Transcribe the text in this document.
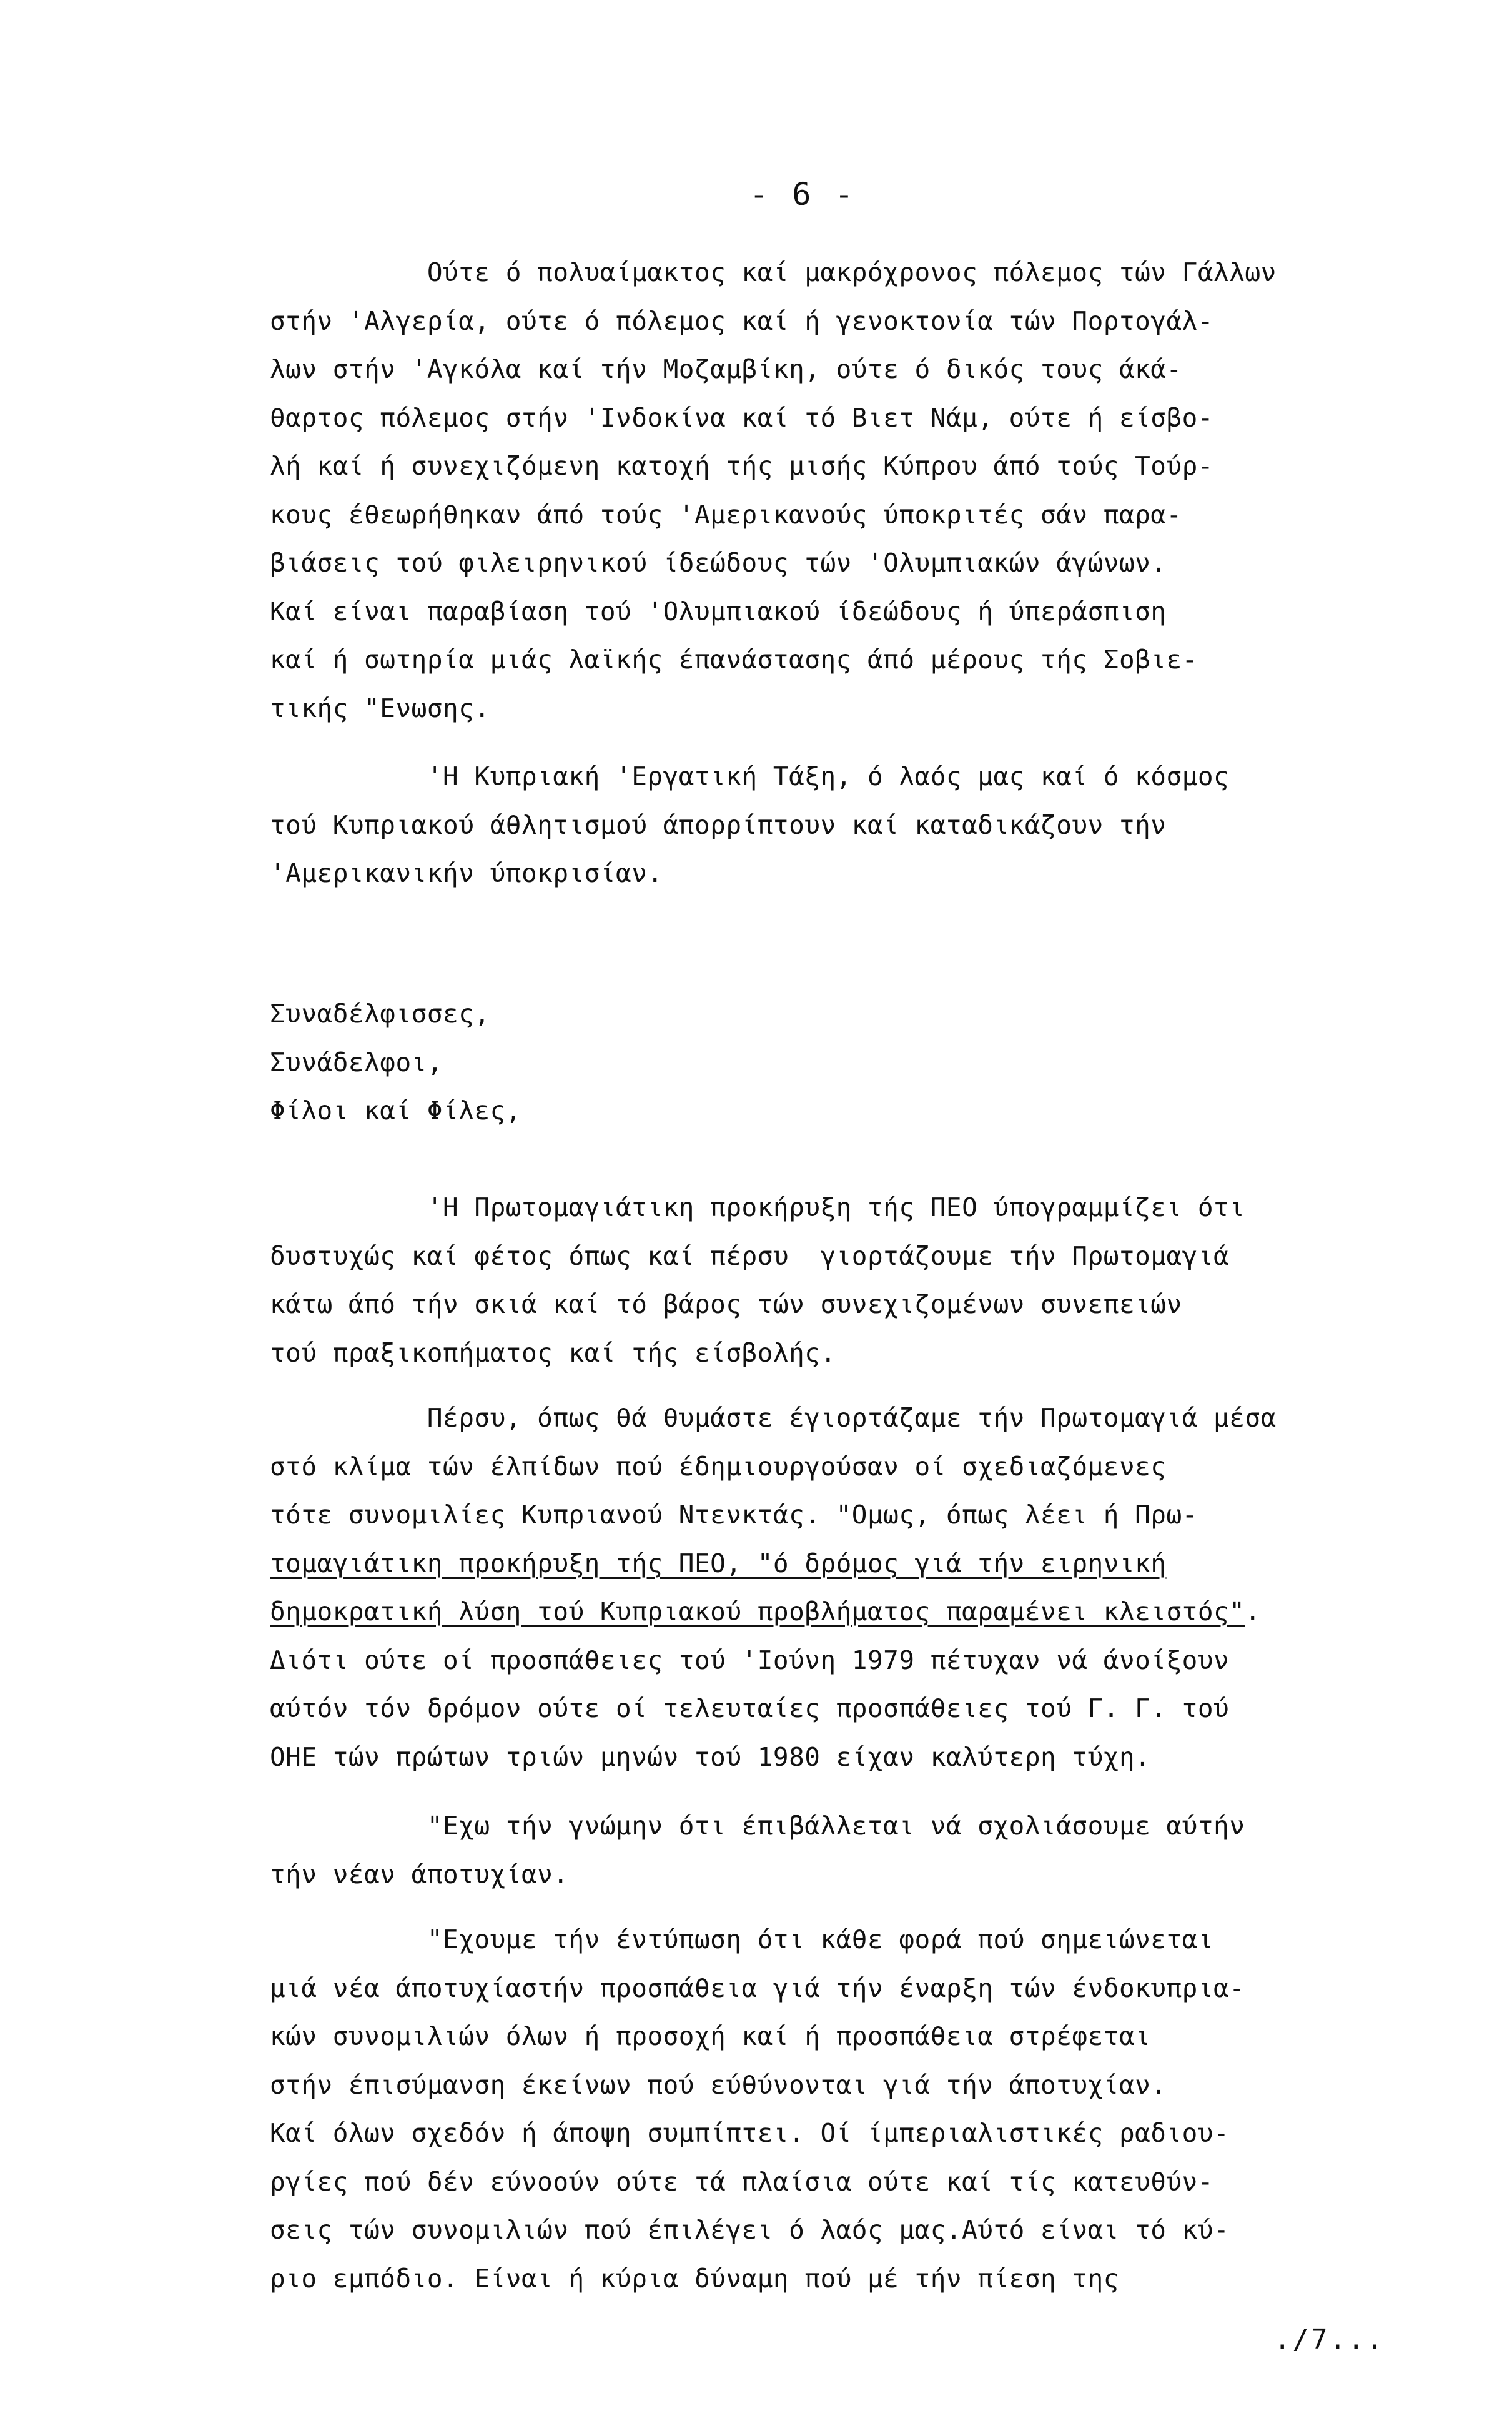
- 6 -
Ούτε ό πολυαίμακτος καί μακρόχρονος πόλεμος τών Γάλλων
στήν 'Αλγερία, ούτε ό πόλεμος καί ή γενοκτονία τών Πορτογάλ-
λων στήν 'Αγκόλα καί τήν Μοζαμβίκη, ούτε ό δικός τους άκά-
θαρτος πόλεμος στήν 'Ινδοκίνα καί τό Βιετ Νάμ, ούτε ή είσβο-
λή καί ή συνεχιζόμενη κατοχή τής μισής Κύπρου άπό τούς Τούρ-
κους έθεωρήθηκαν άπό τούς 'Αμερικανούς ύποκριτές σάν παρα-
βιάσεις τού φιλειρηνικού ίδεώδους τών 'Ολυμπιακών άγώνων.
Καί είναι παραβίαση τού 'Ολυμπιακού ίδεώδους ή ύπεράσπιση
καί ή σωτηρία μιάς λαϊκής έπανάστασης άπό μέρους τής Σοβιε-
τικής "Ενωσης.
'Η Κυπριακή 'Εργατική Τάξη, ό λαός μας καί ό κόσμος
τού Κυπριακού άθλητισμού άπορρίπτουν καί καταδικάζουν τήν
'Αμερικανικήν ύποκρισίαν.
Συναδέλφισσες,
Συνάδελφοι,
Φίλοι καί Φίλες,
'Η Πρωτομαγιάτικη προκήρυξη τής ΠΕΟ ύπογραμμίζει ότι
δυστυχώς καί φέτος όπως καί πέρσυ  γιορτάζουμε τήν Πρωτομαγιά
κάτω άπό τήν σκιά καί τό βάρος τών συνεχιζομένων συνεπειών
τού πραξικοπήματος καί τής είσβολής.
Πέρσυ, όπως θά θυμάστε έγιορτάζαμε τήν Πρωτομαγιά μέσα
στό κλίμα τών έλπίδων πού έδημιουργούσαν οί σχεδιαζόμενες
τότε συνομιλίες Κυπριανού Ντενκτάς. "Ομως, όπως λέει ή Πρω-
τομαγιάτικη προκήρυξη τής ΠΕΟ, "ό δρόμος γιά τήν ειρηνική
δημοκρατική λύση τού Κυπριακού προβλήματος παραμένει κλειστός".
Διότι ούτε οί προσπάθειες τού 'Ιούνη 1979 πέτυχαν νά άνοίξουν
αύτόν τόν δρόμον ούτε οί τελευταίες προσπάθειες τού Γ. Γ. τού
ΟΗΕ τών πρώτων τριών μηνών τού 1980 είχαν καλύτερη τύχη.
"Εχω τήν γνώμην ότι έπιβάλλεται νά σχολιάσουμε αύτήν
τήν νέαν άποτυχίαν.
"Εχουμε τήν έντύπωση ότι κάθε φορά πού σημειώνεται
μιά νέα άποτυχίαστήν προσπάθεια γιά τήν έναρξη τών ένδοκυπρια-
κών συνομιλιών όλων ή προσοχή καί ή προσπάθεια στρέφεται
στήν έπισύμανση έκείνων πού εύθύνονται γιά τήν άποτυχίαν.
Καί όλων σχεδόν ή άποψη συμπίπτει. Οί ίμπεριαλιστικές ραδιου-
ργίες πού δέν εύνοούν ούτε τά πλαίσια ούτε καί τίς κατευθύν-
σεις τών συνομιλιών πού έπιλέγει ό λαός μας.Αύτό είναι τό κύ-
ριο εμπόδιο. Είναι ή κύρια δύναμη πού μέ τήν πίεση της
./7...
